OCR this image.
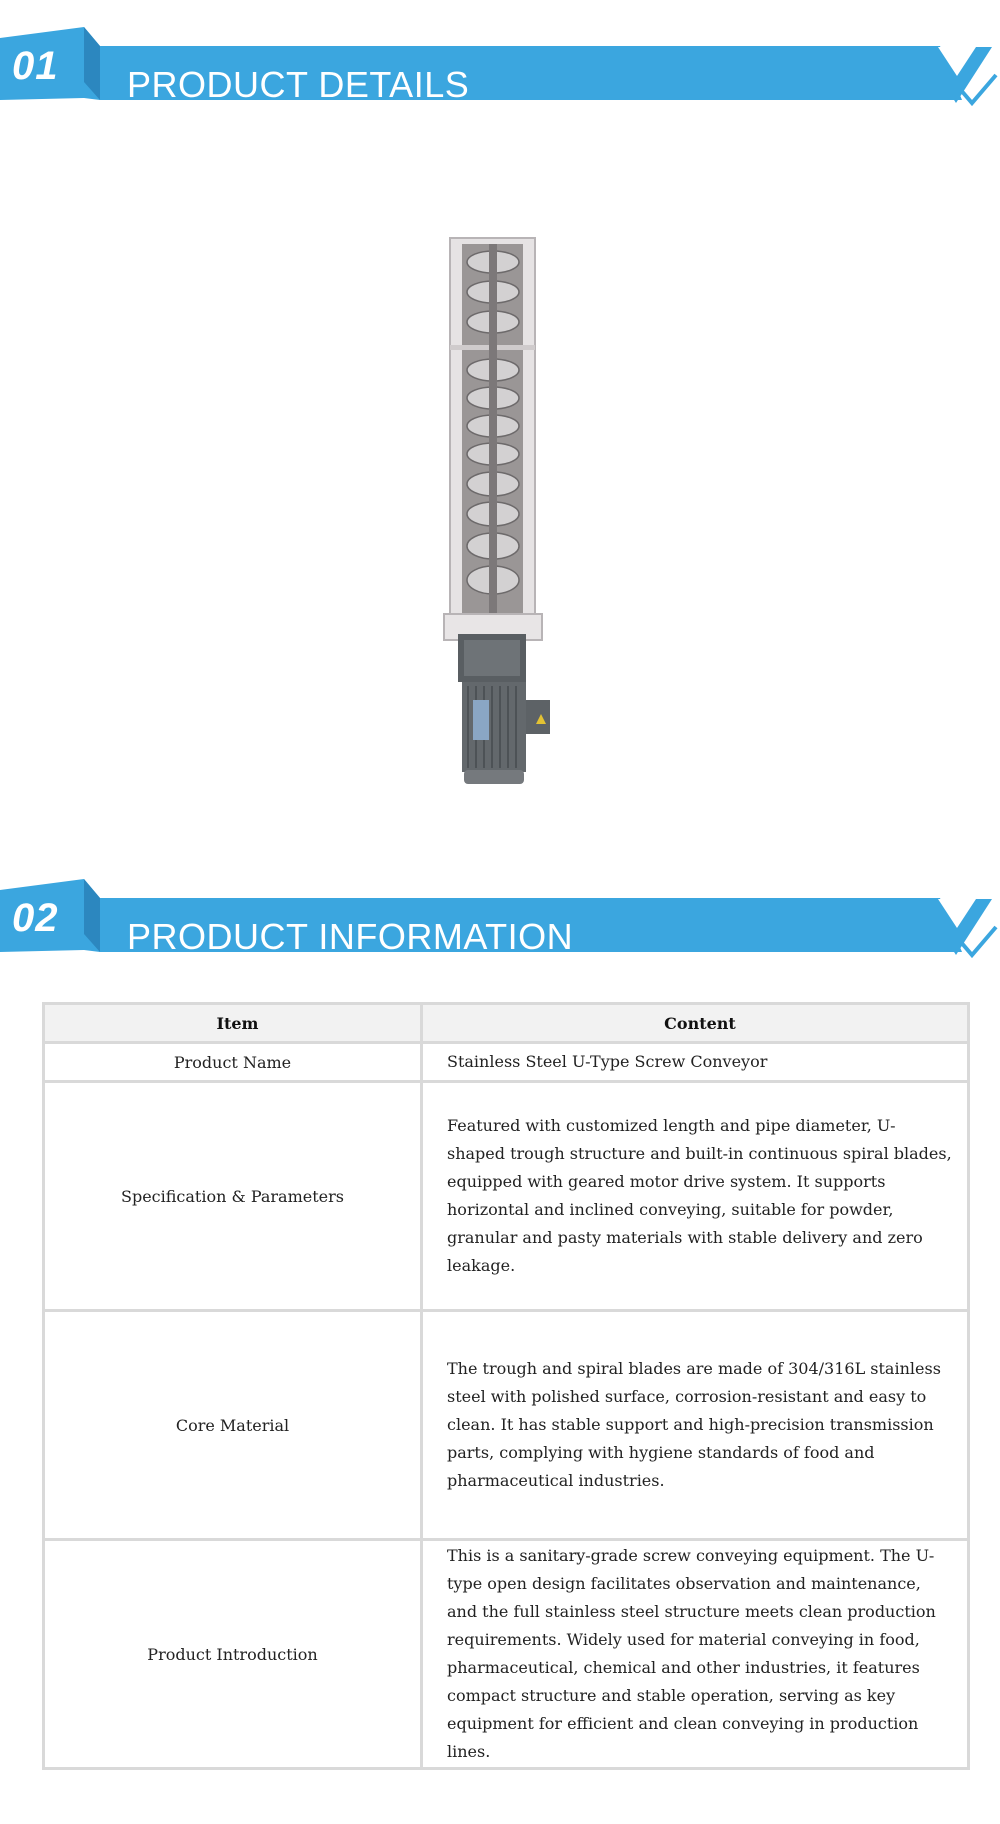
01 PRODUCT DETAILS
02 PRODUCT INFORMATION
Item	Content
Product Name	Stainless Steel U-Type Screw Conveyor
Specification & Parameters	Featured with customized length and pipe diameter, U-shaped trough structure and built-in continuous spiral blades, equipped with geared motor drive system. It supports horizontal and inclined conveying, suitable for powder, granular and pasty materials with stable delivery and zero leakage.
Core Material	The trough and spiral blades are made of 304/316L stainless steel with polished surface, corrosion-resistant and easy to clean. It has stable support and high-precision transmission parts, complying with hygiene standards of food and pharmaceutical industries.
Product Introduction	This is a sanitary-grade screw conveying equipment. The U-type open design facilitates observation and maintenance, and the full stainless steel structure meets clean production requirements. Widely used for material conveying in food, pharmaceutical, chemical and other industries, it features compact structure and stable operation, serving as key equipment for efficient and clean conveying in production lines.
